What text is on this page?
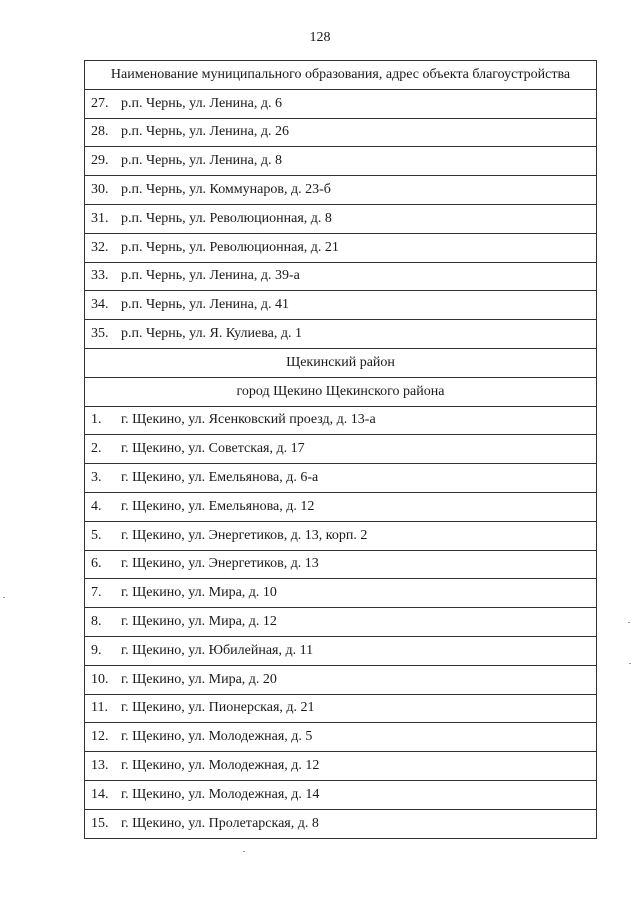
128
Наименование муниципального образования, адрес объекта благоустройства
27. р.п. Чернь, ул. Ленина, д. 6
28. р.п. Чернь, ул. Ленина, д. 26
29. р.п. Чернь, ул. Ленина, д. 8
30. р.п. Чернь, ул. Коммунаров, д. 23-б
31. р.п. Чернь, ул. Революционная, д. 8
32. р.п. Чернь, ул. Революционная, д. 21
33. р.п. Чернь, ул. Ленина, д. 39-а
34. р.п. Чернь, ул. Ленина, д. 41
35. р.п. Чернь, ул. Я. Кулиева, д. 1
Щекинский район
город Щекино Щекинского района
1. г. Щекино, ул. Ясенковский проезд, д. 13-а
2. г. Щекино, ул. Советская, д. 17
3. г. Щекино, ул. Емельянова, д. 6-а
4. г. Щекино, ул. Емельянова, д. 12
5. г. Щекино, ул. Энергетиков, д. 13, корп. 2
6. г. Щекино, ул. Энергетиков, д. 13
7. г. Щекино, ул. Мира, д. 10
8. г. Щекино, ул. Мира, д. 12
9. г. Щекино, ул. Юбилейная, д. 11
10. г. Щекино, ул. Мира, д. 20
11. г. Щекино, ул. Пионерская, д. 21
12. г. Щекино, ул. Молодежная, д. 5
13. г. Щекино, ул. Молодежная, д. 12
14. г. Щекино, ул. Молодежная, д. 14
15. г. Щекино, ул. Пролетарская, д. 8
